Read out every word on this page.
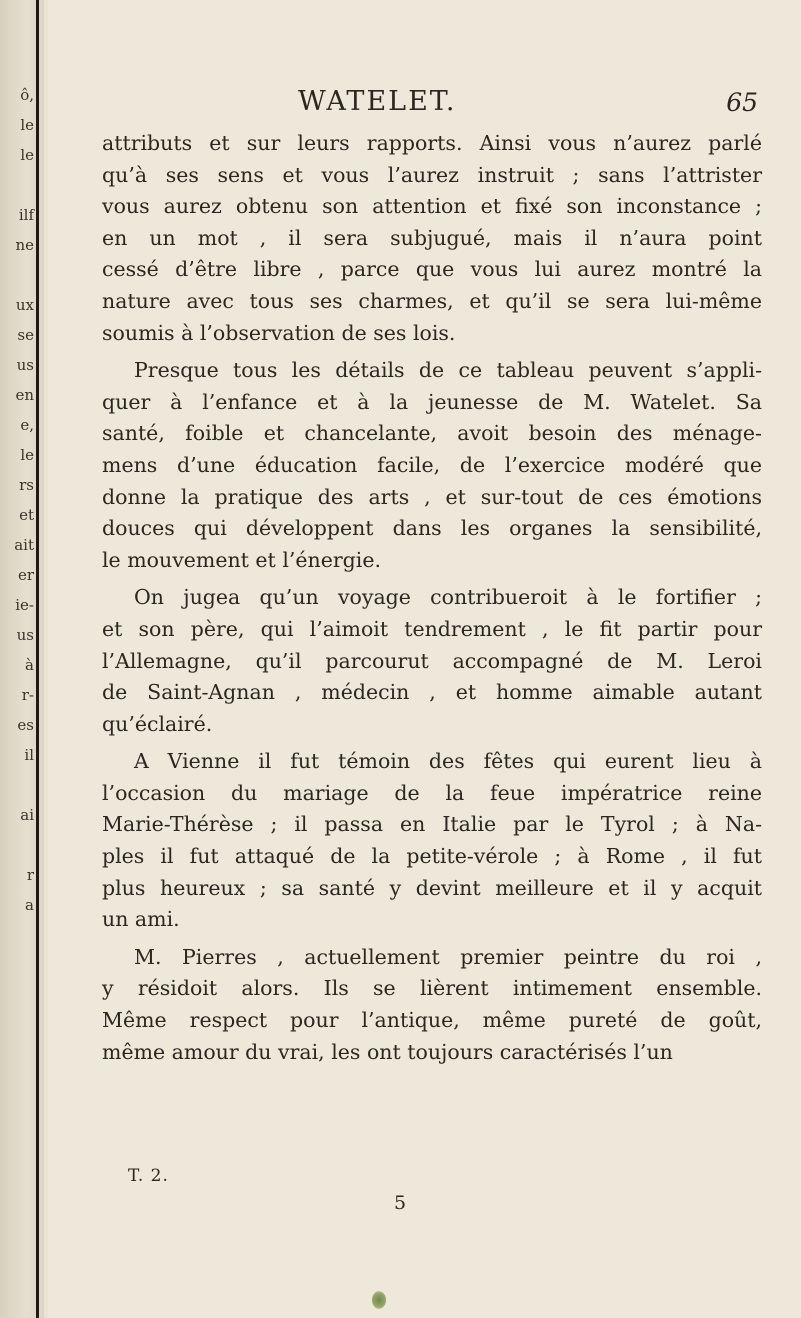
ô,
le
le
ilf
ne
ux
se
us
en
e,
le
rs
et
ait
er
ie-
us
à
r-
es
il
ai
r
a
WATELET.	65
attributs et sur leurs rapports. Ainsi vous n’aurez parlé
qu’à ses sens et vous l’aurez instruit ; sans l’attrister
vous aurez obtenu son attention et fixé son inconstance ;
en un mot , il sera subjugué, mais il n’aura point
cessé d’être libre , parce que vous lui aurez montré la
nature avec tous ses charmes, et qu’il se sera lui-même
soumis à l’observation de ses lois.
Presque tous les détails de ce tableau peuvent s’appli-
quer à l’enfance et à la jeunesse de M. Watelet. Sa
santé, foible et chancelante, avoit besoin des ménage-
mens d’une éducation facile, de l’exercice modéré que
donne la pratique des arts , et sur-tout de ces émotions
douces qui développent dans les organes la sensibilité,
le mouvement et l’énergie.
On jugea qu’un voyage contribueroit à le fortifier ;
et son père, qui l’aimoit tendrement , le fit partir pour
l’Allemagne, qu’il parcourut accompagné de M. Leroi
de Saint-Agnan , médecin , et homme aimable autant
qu’éclairé.
A Vienne il fut témoin des fêtes qui eurent lieu à
l’occasion du mariage de la feue impératrice reine
Marie-Thérèse ; il passa en Italie par le Tyrol ; à Na-
ples il fut attaqué de la petite-vérole ; à Rome , il fut
plus heureux ; sa santé y devint meilleure et il y acquit
un ami.
M. Pierres , actuellement premier peintre du roi ,
y résidoit alors. Ils se lièrent intimement ensemble.
Même respect pour l’antique, même pureté de goût,
même amour du vrai, les ont toujours caractérisés l’un
T. 2.
5
